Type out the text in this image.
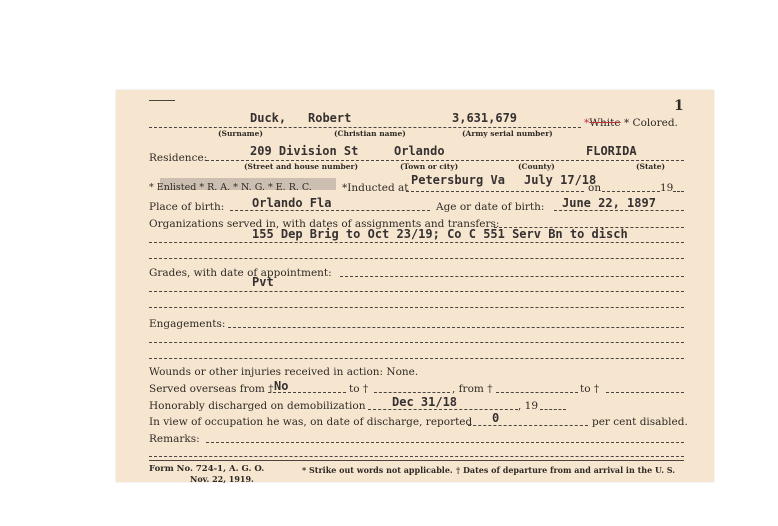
1
Duck, Robert	3,631,679	*White * Colored.
(Surname)	(Christian name)	(Army serial number)
Residence:	209 Division St	Orlando	FLORIDA
(Street and house number)	(Town or city)	(County)	(State)
* Enlisted * R. A. * N. G. * E. R. C.	*Inducted at
Petersburg Va July 17/18
on	19
Place of birth: Orlando Fla	Age or date of birth: June 22, 1897
Organizations served in, with dates of assignments and transfers:
155 Dep Brig to Oct 23/19; Co C 551 Serv Bn to disch
Grades, with date of appointment:
Pvt
Engagements:
Wounds or other injuries received in action: None.
Served overseas from † No	to †	, from †	to †
Honorably discharged on demobilization Dec 31/18	, 19
In view of occupation he was, on date of discharge, reported 0	per cent disabled.
Remarks:
Form No. 724-1, A. G. O.
Nov. 22, 1919.
* Strike out words not applicable. † Dates of departure from and arrival in the U. S.
